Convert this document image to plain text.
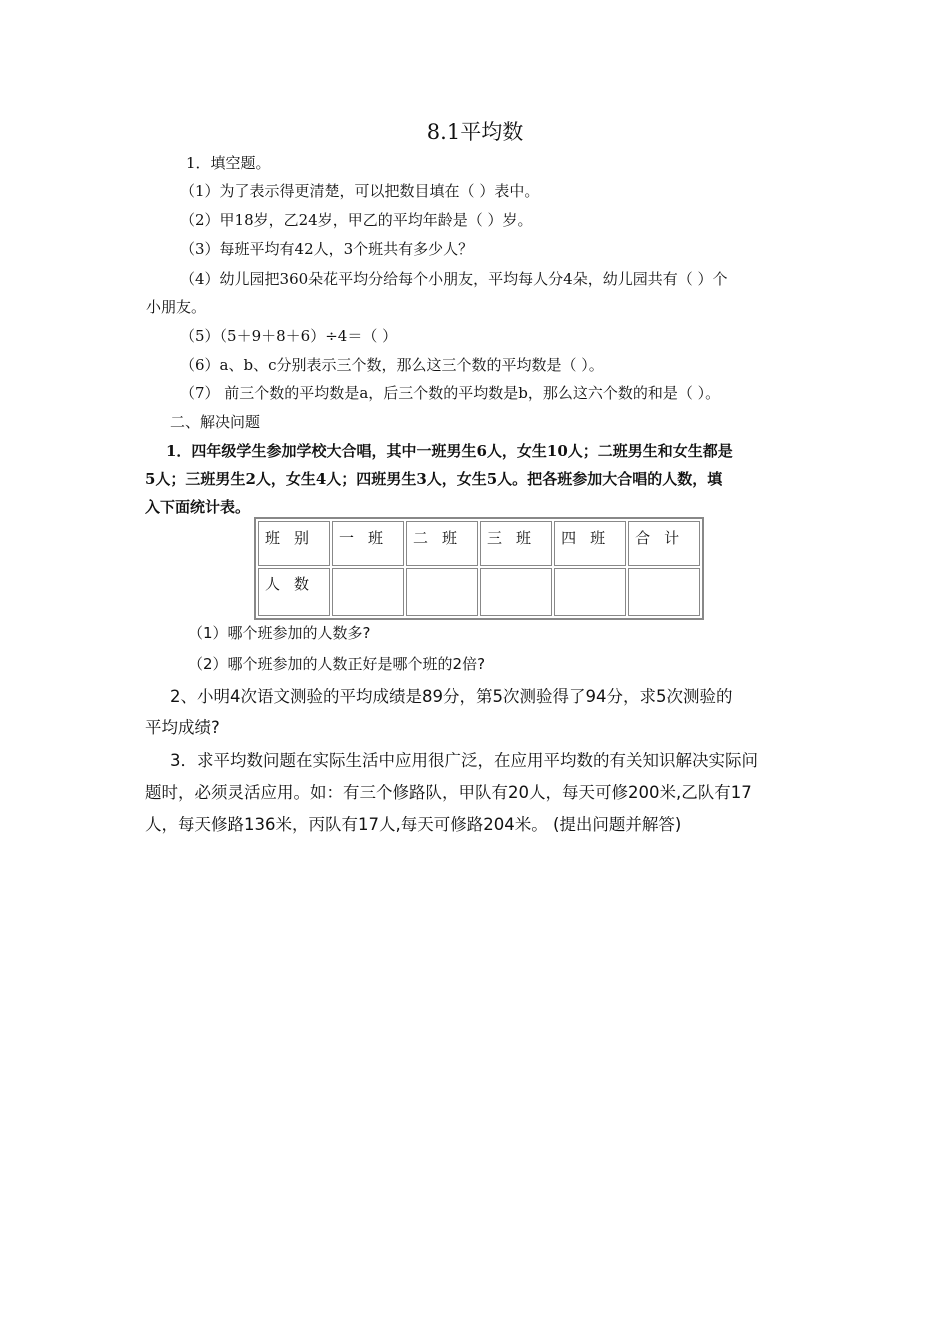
8.1平均数
1．填空题。
（1）为了表示得更清楚，可以把数目填在（ ）表中。
（2）甲18岁，乙24岁，甲乙的平均年龄是（ ）岁。
（3）每班平均有42人，3个班共有多少人？
（4）幼儿园把360朵花平均分给每个小朋友，平均每人分4朵，幼儿园共有（ ）个
小朋友。
（5）（5＋9＋8＋6）÷4＝（ ）
（6）a、b、c分别表示三个数，那么这三个数的平均数是（ ）。
（7） 前三个数的平均数是a，后三个数的平均数是b，那么这六个数的和是（ ）。
二、解决问题
1．四年级学生参加学校大合唱，其中一班男生6人，女生10人；二班男生和女生都是
5人；三班男生2人，女生4人；四班男生3人，女生5人。把各班参加大合唱的人数，填
入下面统计表。
班别	一班	二班	三班	四班	合计
人数					
（1）哪个班参加的人数多?
（2）哪个班参加的人数正好是哪个班的2倍?
2、小明4次语文测验的平均成绩是89分，第5次测验得了94分，求5次测验的
平均成绩?
3．求平均数问题在实际生活中应用很广泛，在应用平均数的有关知识解决实际问
题时，必须灵活应用。如：有三个修路队，甲队有20人，每天可修200米,乙队有17
人，每天修路136米，丙队有17人,每天可修路204米。 (提出问题并解答)
